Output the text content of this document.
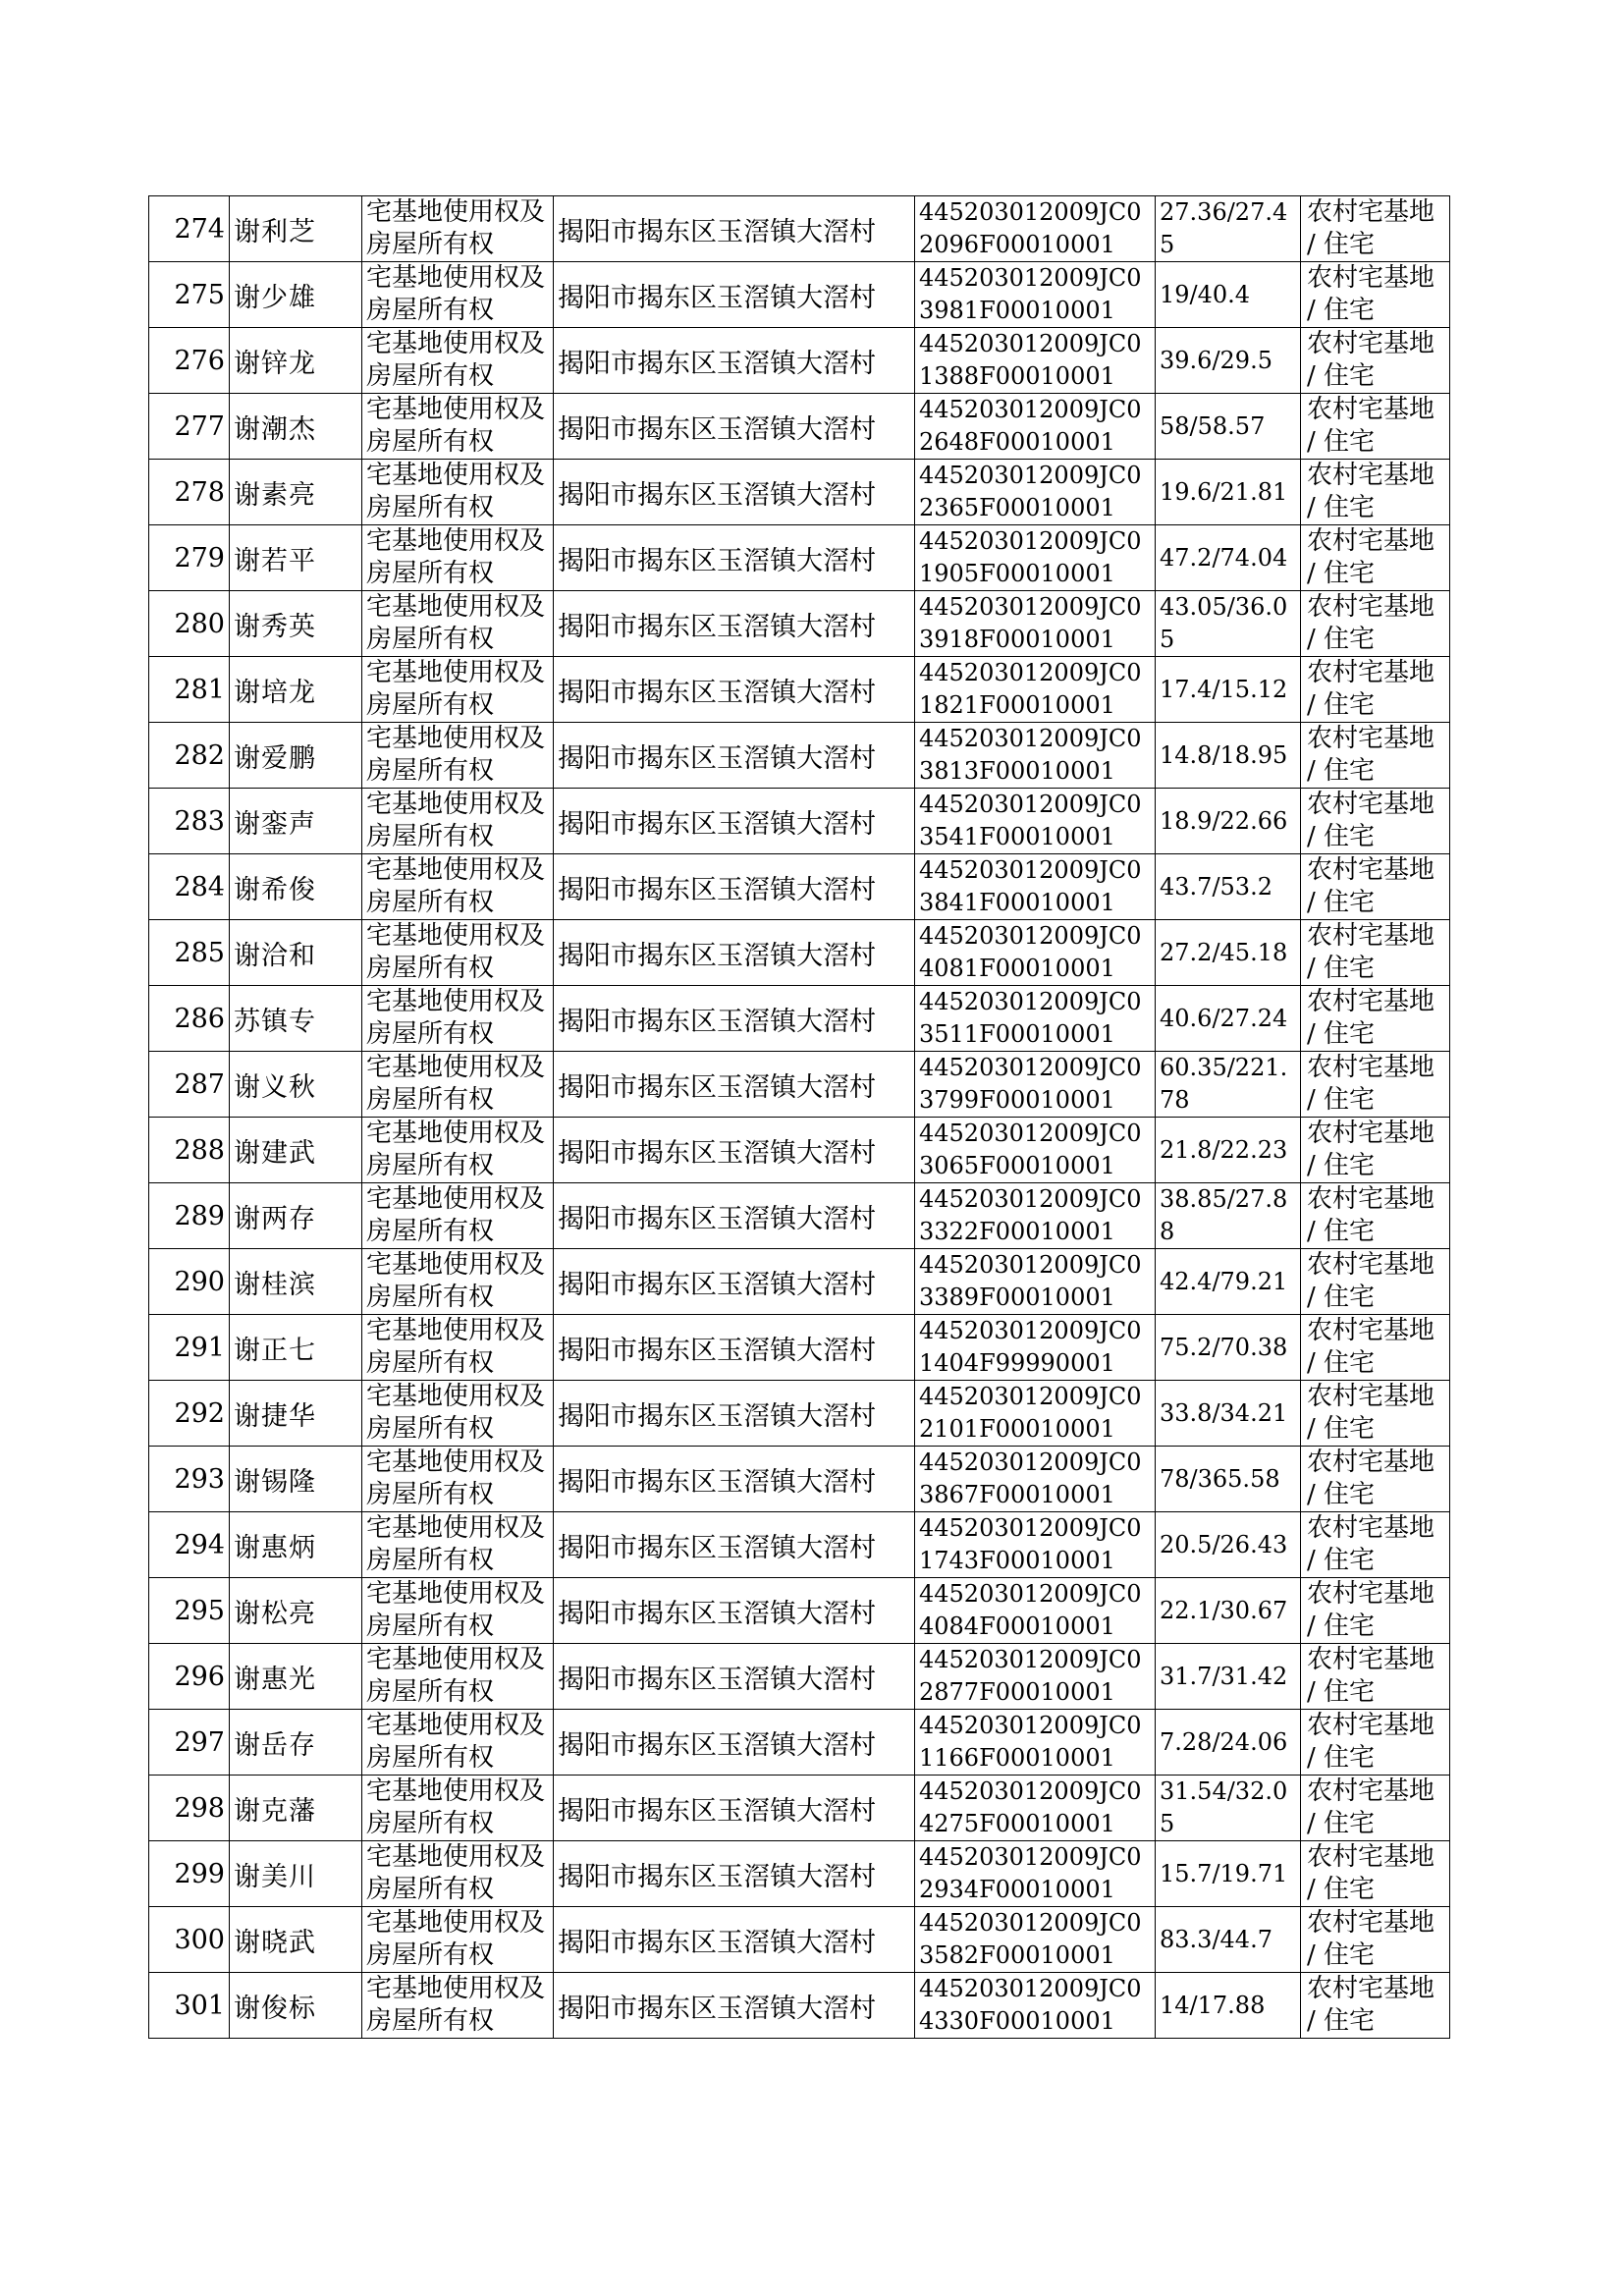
274	谢利芝	宅基地使用权及房屋所有权	揭阳市揭东区玉滘镇大滘村	445203012009JC02096F00010001	27.36/27.45	农村宅基地 / 住宅
275	谢少雄	宅基地使用权及房屋所有权	揭阳市揭东区玉滘镇大滘村	445203012009JC03981F00010001	19/40.4	农村宅基地 / 住宅
276	谢锌龙	宅基地使用权及房屋所有权	揭阳市揭东区玉滘镇大滘村	445203012009JC01388F00010001	39.6/29.5	农村宅基地 / 住宅
277	谢潮杰	宅基地使用权及房屋所有权	揭阳市揭东区玉滘镇大滘村	445203012009JC02648F00010001	58/58.57	农村宅基地 / 住宅
278	谢素亮	宅基地使用权及房屋所有权	揭阳市揭东区玉滘镇大滘村	445203012009JC02365F00010001	19.6/21.81	农村宅基地 / 住宅
279	谢若平	宅基地使用权及房屋所有权	揭阳市揭东区玉滘镇大滘村	445203012009JC01905F00010001	47.2/74.04	农村宅基地 / 住宅
280	谢秀英	宅基地使用权及房屋所有权	揭阳市揭东区玉滘镇大滘村	445203012009JC03918F00010001	43.05/36.05	农村宅基地 / 住宅
281	谢培龙	宅基地使用权及房屋所有权	揭阳市揭东区玉滘镇大滘村	445203012009JC01821F00010001	17.4/15.12	农村宅基地 / 住宅
282	谢爱鹏	宅基地使用权及房屋所有权	揭阳市揭东区玉滘镇大滘村	445203012009JC03813F00010001	14.8/18.95	农村宅基地 / 住宅
283	谢銮声	宅基地使用权及房屋所有权	揭阳市揭东区玉滘镇大滘村	445203012009JC03541F00010001	18.9/22.66	农村宅基地 / 住宅
284	谢希俊	宅基地使用权及房屋所有权	揭阳市揭东区玉滘镇大滘村	445203012009JC03841F00010001	43.7/53.2	农村宅基地 / 住宅
285	谢洽和	宅基地使用权及房屋所有权	揭阳市揭东区玉滘镇大滘村	445203012009JC04081F00010001	27.2/45.18	农村宅基地 / 住宅
286	苏镇专	宅基地使用权及房屋所有权	揭阳市揭东区玉滘镇大滘村	445203012009JC03511F00010001	40.6/27.24	农村宅基地 / 住宅
287	谢义秋	宅基地使用权及房屋所有权	揭阳市揭东区玉滘镇大滘村	445203012009JC03799F00010001	60.35/221.78	农村宅基地 / 住宅
288	谢建武	宅基地使用权及房屋所有权	揭阳市揭东区玉滘镇大滘村	445203012009JC03065F00010001	21.8/22.23	农村宅基地 / 住宅
289	谢两存	宅基地使用权及房屋所有权	揭阳市揭东区玉滘镇大滘村	445203012009JC03322F00010001	38.85/27.88	农村宅基地 / 住宅
290	谢桂滨	宅基地使用权及房屋所有权	揭阳市揭东区玉滘镇大滘村	445203012009JC03389F00010001	42.4/79.21	农村宅基地 / 住宅
291	谢正七	宅基地使用权及房屋所有权	揭阳市揭东区玉滘镇大滘村	445203012009JC01404F99990001	75.2/70.38	农村宅基地 / 住宅
292	谢捷华	宅基地使用权及房屋所有权	揭阳市揭东区玉滘镇大滘村	445203012009JC02101F00010001	33.8/34.21	农村宅基地 / 住宅
293	谢锡隆	宅基地使用权及房屋所有权	揭阳市揭东区玉滘镇大滘村	445203012009JC03867F00010001	78/365.58	农村宅基地 / 住宅
294	谢惠炳	宅基地使用权及房屋所有权	揭阳市揭东区玉滘镇大滘村	445203012009JC01743F00010001	20.5/26.43	农村宅基地 / 住宅
295	谢松亮	宅基地使用权及房屋所有权	揭阳市揭东区玉滘镇大滘村	445203012009JC04084F00010001	22.1/30.67	农村宅基地 / 住宅
296	谢惠光	宅基地使用权及房屋所有权	揭阳市揭东区玉滘镇大滘村	445203012009JC02877F00010001	31.7/31.42	农村宅基地 / 住宅
297	谢岳存	宅基地使用权及房屋所有权	揭阳市揭东区玉滘镇大滘村	445203012009JC01166F00010001	7.28/24.06	农村宅基地 / 住宅
298	谢克藩	宅基地使用权及房屋所有权	揭阳市揭东区玉滘镇大滘村	445203012009JC04275F00010001	31.54/32.05	农村宅基地 / 住宅
299	谢美川	宅基地使用权及房屋所有权	揭阳市揭东区玉滘镇大滘村	445203012009JC02934F00010001	15.7/19.71	农村宅基地 / 住宅
300	谢晓武	宅基地使用权及房屋所有权	揭阳市揭东区玉滘镇大滘村	445203012009JC03582F00010001	83.3/44.7	农村宅基地 / 住宅
301	谢俊标	宅基地使用权及房屋所有权	揭阳市揭东区玉滘镇大滘村	445203012009JC04330F00010001	14/17.88	农村宅基地 / 住宅
